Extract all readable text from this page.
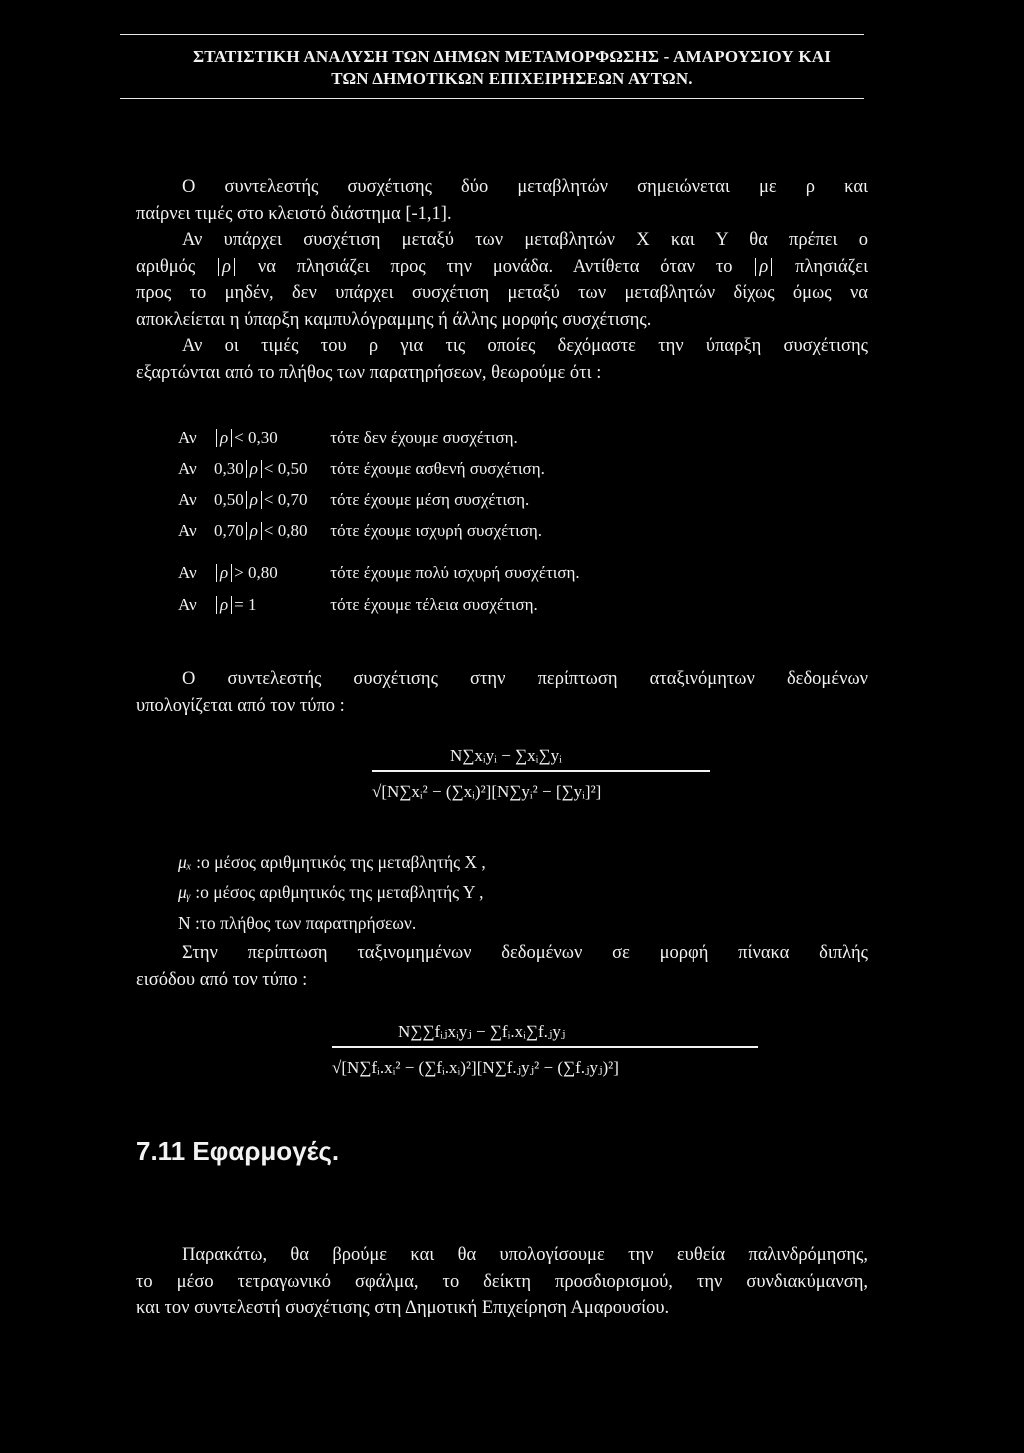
ΣΤΑΤΙΣΤΙΚΗ ΑΝΑΛΥΣΗ ΤΩΝ ΔΗΜΩΝ ΜΕΤΑΜΟΡΦΩΣΗΣ - ΑΜΑΡΟΥΣΙΟΥ ΚΑΙ
ΤΩΝ ΔΗΜΟΤΙΚΩΝ ΕΠΙΧΕΙΡΗΣΕΩΝ ΑΥΤΩΝ.
Ο συντελεστής συσχέτισης δύο μεταβλητών σημειώνεται με ρ και
παίρνει τιμές στο κλειστό διάστημα [-1,1].
Αν υπάρχει συσχέτιση μεταξύ των μεταβλητών Χ και Υ θα πρέπει ο
αριθμός ρ να πλησιάζει προς την μονάδα. Αντίθετα όταν το ρ πλησιάζει
προς το μηδέν, δεν υπάρχει συσχέτιση μεταξύ των μεταβλητών δίχως όμως να
αποκλείεται η ύπαρξη καμπυλόγραμμης ή άλλης μορφής συσχέτισης.
Αν οι τιμές του ρ για τις οποίες δεχόμαστε την ύπαρξη συσχέτισης
εξαρτώνται από το πλήθος των παρατηρήσεων, θεωρούμε ότι :
Αν ρ < 0,30	τότε δεν έχουμε συσχέτιση.
Αν 0,30 ρ < 0,50 τότε έχουμε ασθενή συσχέτιση.
Αν 0,50 ρ < 0,70 τότε έχουμε μέση συσχέτιση.
Αν 0,70 ρ < 0,80 τότε έχουμε ισχυρή συσχέτιση.
Αν ρ > 0,80	τότε έχουμε πολύ ισχυρή συσχέτιση.
Αν ρ = 1	τότε έχουμε τέλεια συσχέτιση.
Ο συντελεστής συσχέτισης στην περίπτωση αταξινόμητων δεδομένων
υπολογίζεται από τον τύπο :
N∑xᵢyᵢ − ∑xᵢ∑yᵢ
√[N∑xᵢ² − (∑xᵢ)²][N∑yᵢ² − [∑yᵢ]²]
μₓ :ο μέσος αριθμητικός της μεταβλητής Χ ,
μᵧ :ο μέσος αριθμητικός της μεταβλητής Υ ,
N :το πλήθος των παρατηρήσεων.
Στην περίπτωση ταξινομημένων δεδομένων σε μορφή πίνακα διπλής
εισόδου από τον τύπο :
N∑∑fᵢⱼxᵢyⱼ − ∑fᵢ.xᵢ∑f.ⱼyⱼ
√[N∑fᵢ.xᵢ² − (∑fᵢ.xᵢ)²][N∑f.ⱼyⱼ² − (∑f.ⱼyⱼ)²]
7.11 Εφαρμογές.
Παρακάτω, θα βρούμε και θα υπολογίσουμε την ευθεία παλινδρόμησης,
το μέσο τετραγωνικό σφάλμα, το δείκτη προσδιορισμού, την συνδιακύμανση,
και τον συντελεστή συσχέτισης στη Δημοτική Επιχείρηση Αμαρουσίου.
